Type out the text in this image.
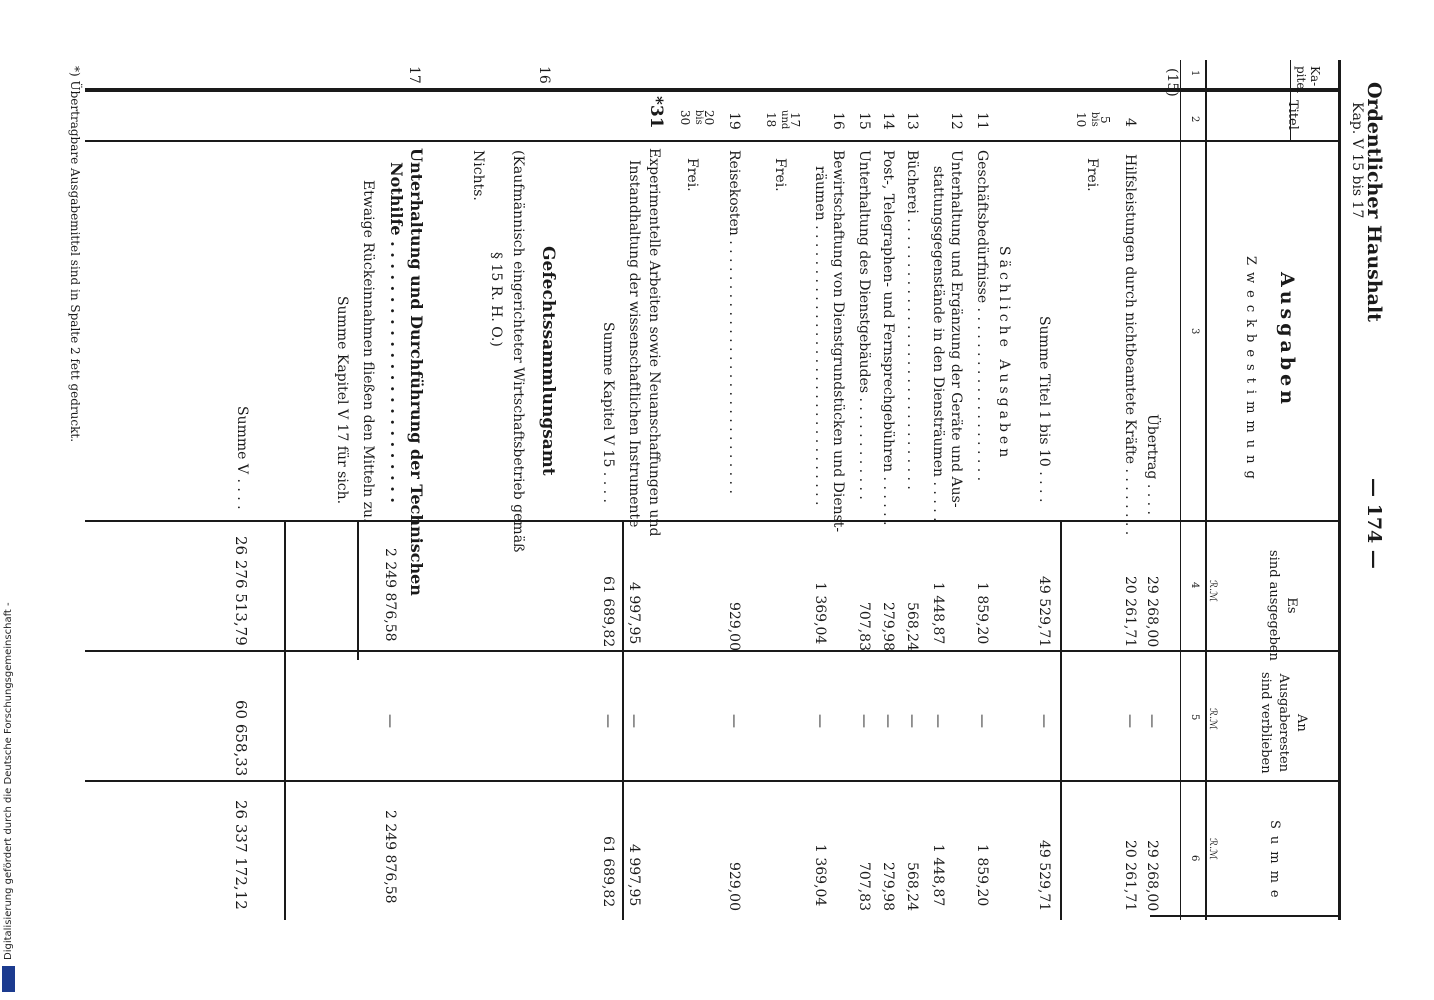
Ordentlicher Haushalt
Kap. V 15 bis 17
— 174 —
Ka-
pitel
Titel
Ausgaben
Zweckbestimmung
Es
sind ausgegeben
An
Ausgaberesten
sind verblieben
Summe
1
2
3
4
5
6
ℛ.ℳ
ℛ.ℳ
ℛ.ℳ
(15)
Übertrag . . . .
29 268,00
—
29 268,00
4
Hilfsleistungen durch nichtbeamtete Kräfte . . . . . . . .
20 261,71
—
20 261,71
5
bis
10
Frei.
Summe Titel 1 bis 10 . . . .
49 529,71
—
49 529,71
Sächliche Ausgaben
11
Geschäftsbedürfnisse . . . . . . . . . . . . . . . . . . . .
1 859,20
—
1 859,20
12
Unterhaltung und Ergänzung der Geräte und Aus-
stattungsgegenstände in den Diensträumen . . . . .
1 448,87
—
1 448,87
13
Bücherei . . . . . . . . . . . . . . . . . . . . . . . . . . . . . . .
568,24
—
568,24
14
Post-, Telegraphen- und Fernsprechgebühren . . . . . .
279,98
—
279,98
15
Unterhaltung des Dienstgebäudes . . . . . . . . . . . .
707,83
—
707,83
16
Bewirtschaftung von Dienstgrundstücken und Dienst-
räumen . . . . . . . . . . . . . . . . . . . . . . . . . . . . . . . .
1 369,04
—
1 369,04
17
und
18
Frei.
19
Reisekosten . . . . . . . . . . . . . . . . . . . . . . . . . . . . .
929,00
—
929,00
20
bis
30
Frei.
*31
Experimentelle Arbeiten sowie Neuanschaffungen und
Instandhaltung der wissenschaftlichen Instrumente
4 997,95
—
4 997,95
Summe Kapitel V 15 . . . .
61 689,82
—
61 689,82
16
Gefechtssammlungsamt
(Kaufmännisch eingerichteter Wirtschaftsbetrieb gemäß
§ 15 R. H. O.)
Nichts.
17
Unterhaltung und Durchführung der Technischen
Nothilfe . . . . . . . . . . . . . . . . . . . . . . . .
Etwaige Rückeinnahmen fließen den Mitteln zu.
2 249 876,58
—
2 249 876,58
Summe Kapitel V 17 für sich.
Summe V . . . .
26 276 513,79
60 658,33
26 337 172,12
*) Übertragbare Ausgabemittel sind in Spalte 2 fett gedruckt.
Digitalisierung gefördert durch die Deutsche Forschungsgemeinschaft -
